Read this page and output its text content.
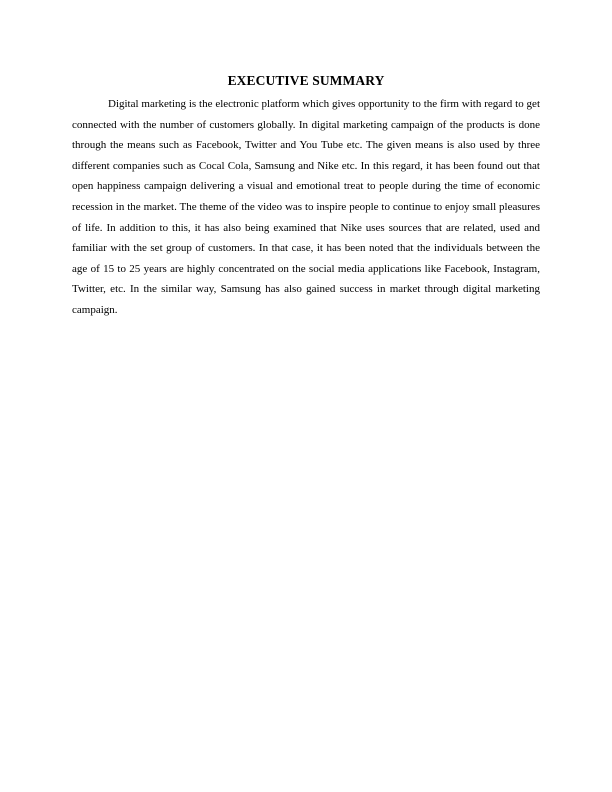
EXECUTIVE SUMMARY

Digital marketing is the electronic platform which gives opportunity to the firm with regard to get connected with the number of customers globally. In digital marketing campaign of the products is done through the means such as Facebook, Twitter and You Tube etc. The given means is also used by three different companies such as Cocal Cola, Samsung and Nike etc. In this regard, it has been found out that open happiness campaign delivering a visual and emotional treat to people during the time of economic recession in the market. The theme of the video was to inspire people to continue to enjoy small pleasures of life. In addition to this, it has also being examined that Nike uses sources that are related, used and familiar with the set group of customers. In that case, it has been noted that the individuals between the age of 15 to 25 years are highly concentrated on the social media applications like Facebook, Instagram, Twitter, etc. In the similar way, Samsung has also gained success in market through digital marketing campaign.
